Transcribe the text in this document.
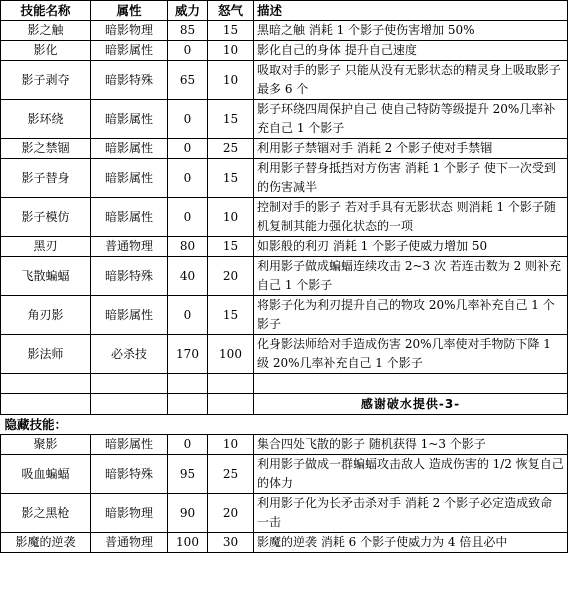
技能名称	属性	威力	怒气	描述
影之触	暗影物理	85	15	黑暗之触 消耗 1 个影子使伤害增加 50%
影化	暗影属性	0	10	影化自己的身体 提升自己速度
影子剥夺	暗影特殊	65	10	吸取对手的影子 只能从没有无影状态的精灵身上吸取影子 最多 6 个
影环绕	暗影属性	0	15	影子环绕四周保护自己 使自己特防等级提升 20%几率补充自己 1 个影子
影之禁锢	暗影属性	0	25	利用影子禁锢对手 消耗 2 个影子使对手禁锢
影子替身	暗影属性	0	15	利用影子替身抵挡对方伤害 消耗 1 个影子 使下一次受到的伤害减半
影子模仿	暗影属性	0	10	控制对手的影子 若对手具有无影状态 则消耗 1 个影子随机复制其能力强化状态的一项
黑刃	普通物理	80	15	如影般的利刃 消耗 1 个影子使威力增加 50
飞散蝙蝠	暗影特殊	40	20	利用影子做成蝙蝠连续攻击 2~3 次 若连击数为 2 则补充自己 1 个影子
角刃影	暗影属性	0	15	将影子化为利刃提升自己的物攻 20%几率补充自己 1 个影子
影法师	必杀技	170	100	化身影法师给对手造成伤害 20%几率使对手物防下降 1 级 20%几率补充自己 1 个影子

				感谢破水提供-3-

隐藏技能：				

聚影	暗影属性	0	10	集合四处飞散的影子 随机获得 1~3 个影子
吸血蝙蝠	暗影特殊	95	25	利用影子做成一群蝙蝠攻击敌人 造成伤害的 1/2 恢复自己的体力
影之黑枪	暗影物理	90	20	利用影子化为长矛击杀对手 消耗 2 个影子必定造成致命一击
影魔的逆袭	普通物理	100	30	影魔的逆袭 消耗 6 个影子使威力为 4 倍且必中
